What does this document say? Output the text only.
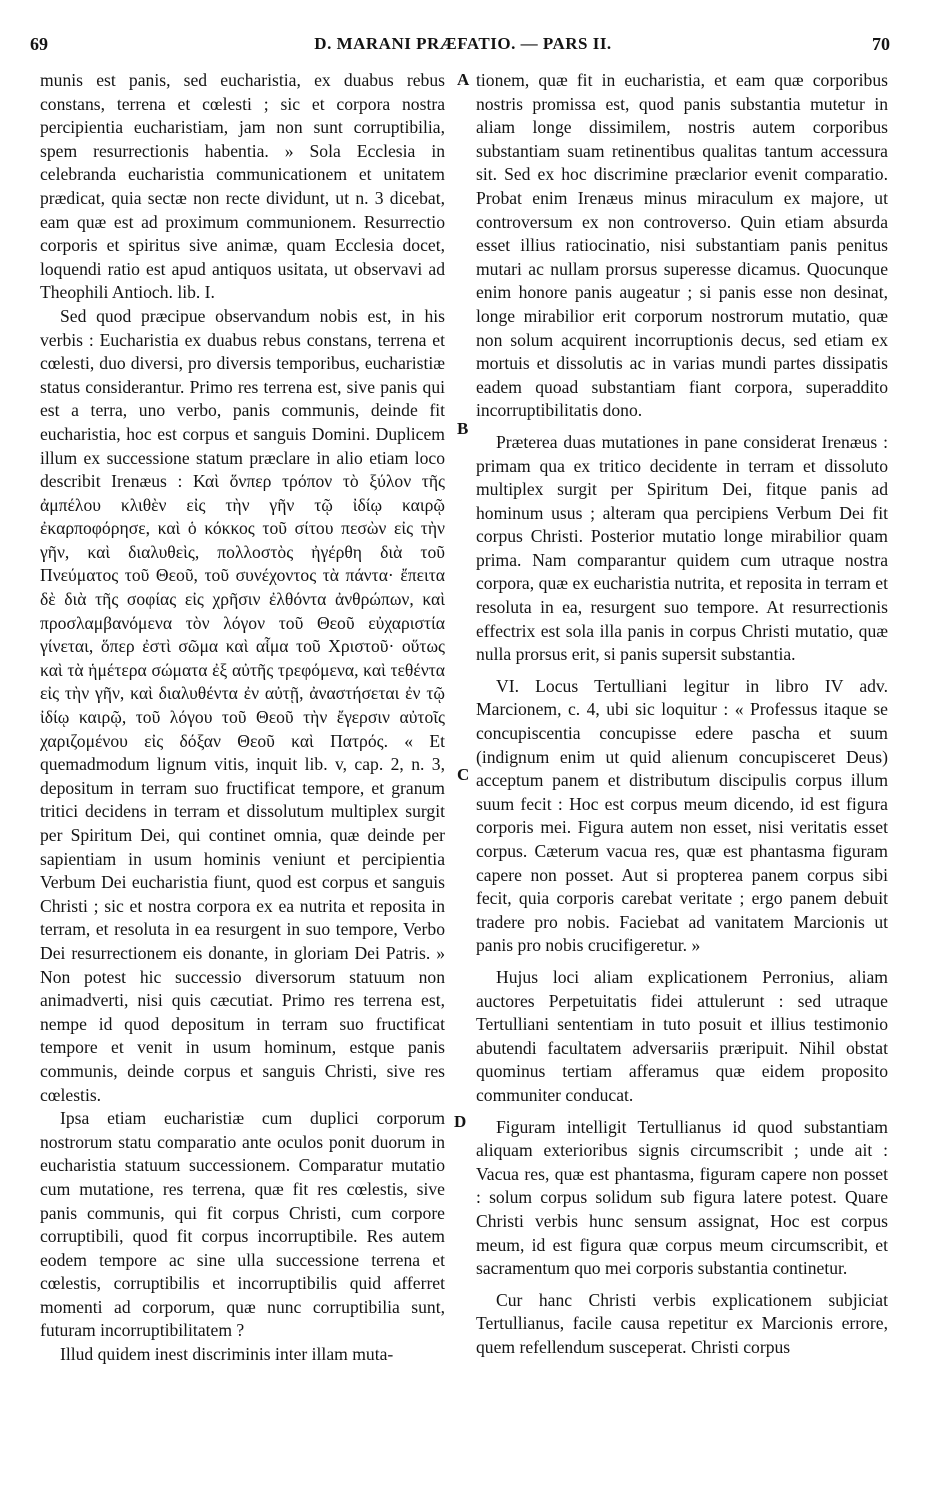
69	D. MARANI PRÆFATIO. — PARS II.	70
A
B
C
D

munis est panis, sed eucharistia, ex duabus rebus constans, terrena et cœlesti ; sic et corpora nostra percipientia eucharistiam, jam non sunt corruptibilia, spem resurrectionis habentia. » Sola Ecclesia in celebranda eucharistia communicationem et unitatem prædicat, quia sectæ non recte dividunt, ut n. 3 dicebat, eam quæ est ad proximum communionem. Resurrectio corporis et spiritus sive animæ, quam Ecclesia docet, loquendi ratio est apud antiquos usitata, ut observavi ad Theophili Antioch. lib. I.

Sed quod præcipue observandum nobis est, in his verbis : Eucharistia ex duabus rebus constans, terrena et cœlesti, duo diversi, pro diversis temporibus, eucharistiæ status considerantur. Primo res terrena est, sive panis qui est a terra, uno verbo, panis communis, deinde fit eucharistia, hoc est corpus et sanguis Domini. Duplicem illum ex successione statum præclare in alio etiam loco describit Irenæus : Καὶ ὅνπερ τρόπον τὸ ξύλον τῆς ἀμπέλου κλιθὲν εἰς τὴν γῆν τῷ ἰδίῳ καιρῷ ἐκαρποφόρησε, καὶ ὁ κόκκος τοῦ σίτου πεσὼν εἰς τὴν γῆν, καὶ διαλυθεὶς, πολλοστὸς ἠγέρθη διὰ τοῦ Πνεύματος τοῦ Θεοῦ, τοῦ συνέχοντος τὰ πάντα· ἔπειτα δὲ διὰ τῆς σοφίας εἰς χρῆσιν ἐλθόντα ἀνθρώπων, καὶ προσλαμβανόμενα τὸν λόγον τοῦ Θεοῦ εὐχαριστία γίνεται, ὅπερ ἐστὶ σῶμα καὶ αἷμα τοῦ Χριστοῦ· οὕτως καὶ τὰ ἡμέτερα σώματα ἐξ αὐτῆς τρεφόμενα, καὶ τεθέντα εἰς τὴν γῆν, καὶ διαλυθέντα ἐν αὐτῇ, ἀναστήσεται ἐν τῷ ἰδίῳ καιρῷ, τοῦ λόγου τοῦ Θεοῦ τὴν ἔγερσιν αὐτοῖς χαριζομένου εἰς δόξαν Θεοῦ καὶ Πατρός. « Et quemadmodum lignum vitis, inquit lib. v, cap. 2, n. 3, depositum in terram suo fructificat tempore, et granum tritici decidens in terram et dissolutum multiplex surgit per Spiritum Dei, qui continet omnia, quæ deinde per sapientiam in usum hominis veniunt et percipientia Verbum Dei eucharistia fiunt, quod est corpus et sanguis Christi ; sic et nostra corpora ex ea nutrita et reposita in terram, et resoluta in ea resurgent in suo tempore, Verbo Dei resurrectionem eis donante, in gloriam Dei Patris. » Non potest hic successio diversorum statuum non animadverti, nisi quis cæcutiat. Primo res terrena est, nempe id quod depositum in terram suo fructificat tempore et venit in usum hominum, estque panis communis, deinde corpus et sanguis Christi, sive res cœlestis.

Ipsa etiam eucharistiæ cum duplici corporum nostrorum statu comparatio ante oculos ponit duorum in eucharistia statuum successionem. Comparatur mutatio cum mutatione, res terrena, quæ fit res cœlestis, sive panis communis, qui fit corpus Christi, cum corpore corruptibili, quod fit corpus incorruptibile. Res autem eodem tempore ac sine ulla successione terrena et cœlestis, corruptibilis et incorruptibilis quid afferret momenti ad corporum, quæ nunc corruptibilia sunt, futuram incorruptibilitatem ?

Illud quidem inest discriminis inter illam muta-

tionem, quæ fit in eucharistia, et eam quæ corporibus nostris promissa est, quod panis substantia mutetur in aliam longe dissimilem, nostris autem corporibus substantiam suam retinentibus qualitas tantum accessura sit. Sed ex hoc discrimine præclarior evenit comparatio. Probat enim Irenæus minus miraculum ex majore, ut controversum ex non controverso. Quin etiam absurda esset illius ratiocinatio, nisi substantiam panis penitus mutari ac nullam prorsus superesse dicamus. Quocunque enim honore panis augeatur ; si panis esse non desinat, longe mirabilior erit corporum nostrorum mutatio, quæ non solum acquirent incorruptionis decus, sed etiam ex mortuis et dissolutis ac in varias mundi partes dissipatis eadem quoad substantiam fiant corpora, superaddito incorruptibilitatis dono.

Præterea duas mutationes in pane considerat Irenæus : primam qua ex tritico decidente in terram et dissoluto multiplex surgit per Spiritum Dei, fitque panis ad hominum usus ; alteram qua percipiens Verbum Dei fit corpus Christi. Posterior mutatio longe mirabilior quam prima. Nam comparantur quidem cum utraque nostra corpora, quæ ex eucharistia nutrita, et reposita in terram et resoluta in ea, resurgent suo tempore. At resurrectionis effectrix est sola illa panis in corpus Christi mutatio, quæ nulla prorsus erit, si panis supersit substantia.

VI. Locus Tertulliani legitur in libro IV adv. Marcionem, c. 4, ubi sic loquitur : « Professus itaque se concupiscentia concupisse edere pascha et suum (indignum enim ut quid alienum concupisceret Deus) acceptum panem et distributum discipulis corpus illum suum fecit : Hoc est corpus meum dicendo, id est figura corporis mei. Figura autem non esset, nisi veritatis esset corpus. Cæterum vacua res, quæ est phantasma figuram capere non posset. Aut si propterea panem corpus sibi fecit, quia corporis carebat veritate ; ergo panem debuit tradere pro nobis. Faciebat ad vanitatem Marcionis ut panis pro nobis crucifigeretur. »

Hujus loci aliam explicationem Perronius, aliam auctores Perpetuitatis fidei attulerunt : sed utraque Tertulliani sententiam in tuto posuit et illius testimonio abutendi facultatem adversariis præripuit. Nihil obstat quominus tertiam afferamus quæ eidem proposito communiter conducat.

Figuram intelligit Tertullianus id quod substantiam aliquam exterioribus signis circumscribit ; unde ait : Vacua res, quæ est phantasma, figuram capere non posset : solum corpus solidum sub figura latere potest. Quare Christi verbis hunc sensum assignat, Hoc est corpus meum, id est figura quæ corpus meum circumscribit, et sacramentum quo mei corporis substantia continetur.

Cur hanc Christi verbis explicationem subjiciat Tertullianus, facile causa repetitur ex Marcionis errore, quem refellendum susceperat. Christi corpus
